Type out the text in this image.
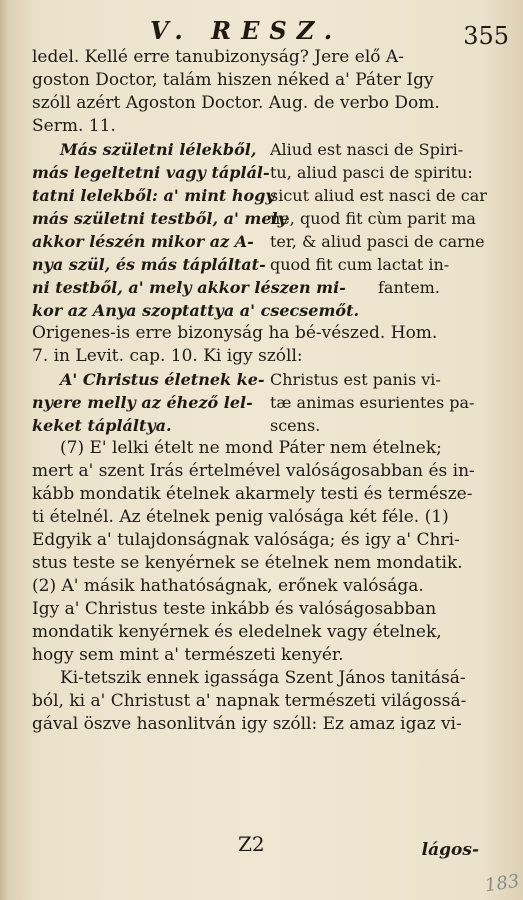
V. RESZ.	355
ledel. Kellé erre tanubizonyság? Jere elő A-
goston Doctor, talám hiszen néked a' Páter Igy
szóll azért Agoston Doctor. Aug. de verbo Dom.
Serm. 11.
Más születni lélekből,
más legeltetni vagy táplál-
tatni lelekből: a' mint hogy
más születni testből, a' mely
akkor lészén mikor az A-
nya szül, és más tápláltat-
ni testből, a' mely akkor lészen mi-
kor az Anya szoptattya a' csecsemőt.
Aliud est nasci de Spiri-
tu, aliud pasci de spiritu:
sicut aliud est nasci de car
ne, quod fit cùm parit ma
ter, & aliud pasci de carne
quod fit cum lactat in-
fantem.
Origenes-is erre bizonyság ha bé-vészed. Hom.
7. in Levit. cap. 10. Ki igy szóll:
A' Christus életnek ke-
nyere melly az éhező lel-
keket tápláltya.
Christus est panis vi-
tæ animas esurientes pa-
scens.
(7) E' lelki ételt ne mond Páter nem ételnek;
mert a' szent Irás értelmével valóságosabban és in-
kább mondatik ételnek akarmely testi és természe-
ti ételnél. Az ételnek penig valósága két féle. (1)
Edgyik a' tulajdonságnak valósága; és igy a' Chri-
stus teste se kenyérnek se ételnek nem mondatik.
(2) A' másik hathatóságnak, erőnek valósága.
Igy a' Christus teste inkább és valóságosabban
mondatik kenyérnek és eledelnek vagy ételnek,
hogy sem mint a' természeti kenyér.
Ki-tetszik ennek igassága Szent János tanitásá-
ból, ki a' Christust a' napnak természeti világossá-
gával öszve hasonlitván igy szóll: Ez amaz igaz vi-
Z2	lágos-
183
